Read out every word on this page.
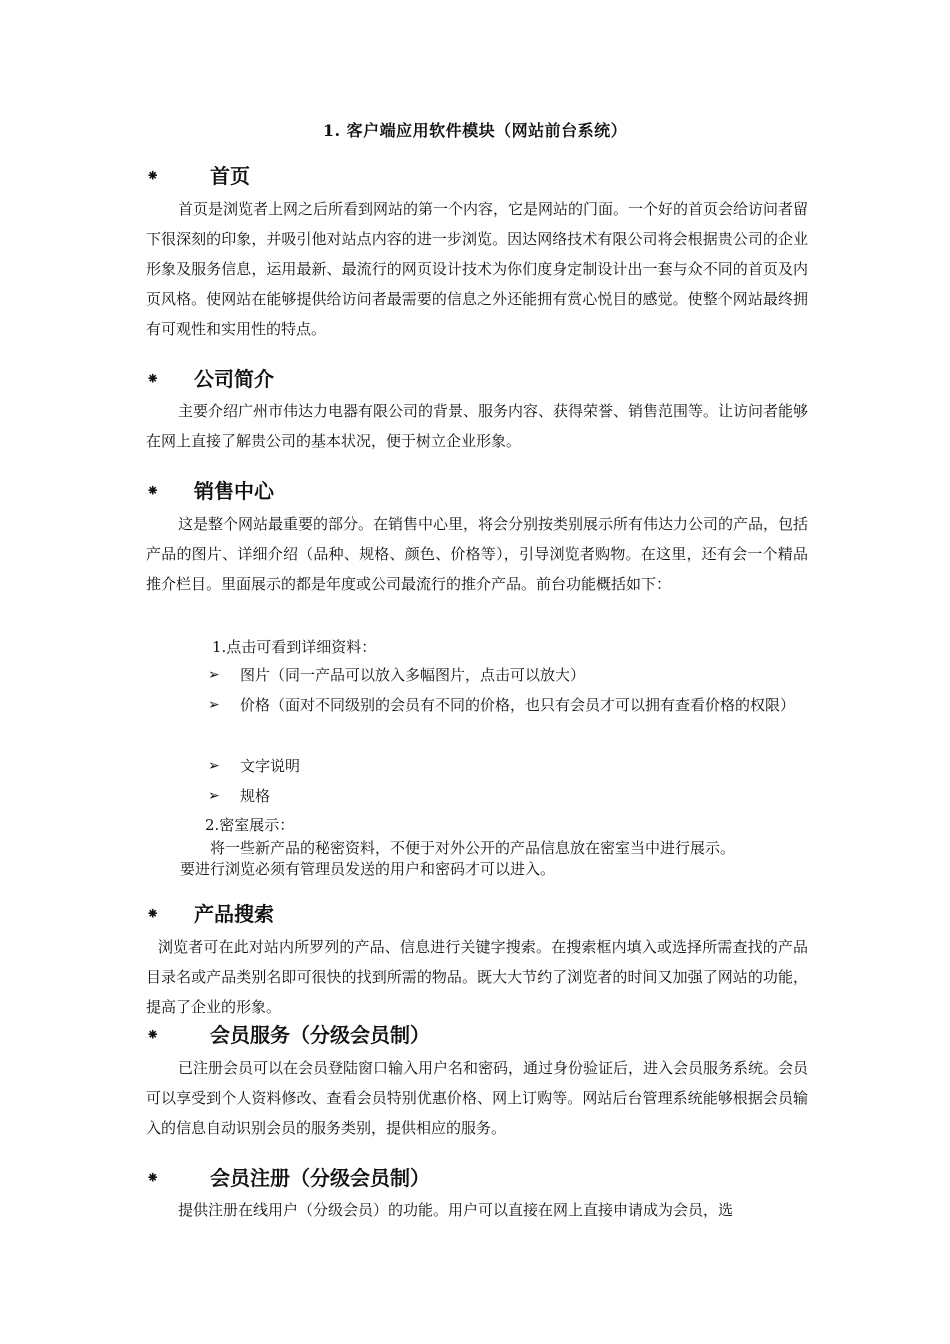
1. 客户端应用软件模块（网站前台系统）
⁕	首页
首页是浏览者上网之后所看到网站的第一个内容，它是网站的门面。一个好的首页会给访问者留下很深刻的印象，并吸引他对站点内容的进一步浏览。因达网络技术有限公司将会根据贵公司的企业形象及服务信息，运用最新、最流行的网页设计技术为你们度身定制设计出一套与众不同的首页及内页风格。使网站在能够提供给访问者最需要的信息之外还能拥有赏心悦目的感觉。使整个网站最终拥有可观性和实用性的特点。
⁕ 公司简介
主要介绍广州市伟达力电器有限公司的背景、服务内容、获得荣誉、销售范围等。让访问者能够在网上直接了解贵公司的基本状况，便于树立企业形象。
⁕ 销售中心
这是整个网站最重要的部分。在销售中心里，将会分别按类别展示所有伟达力公司的产品，包括产品的图片、详细介绍（品种、规格、颜色、价格等），引导浏览者购物。在这里，还有会一个精品推介栏目。里面展示的都是年度或公司最流行的推介产品。前台功能概括如下：
1.点击可看到详细资料：
➢ 图片（同一产品可以放入多幅图片，点击可以放大）
➢ 价格（面对不同级别的会员有不同的价格，也只有会员才可以拥有查看价格的权限）
➢ 文字说明
➢ 规格
2.密室展示：
将一些新产品的秘密资料，不便于对外公开的产品信息放在密室当中进行展示。
要进行浏览必须有管理员发送的用户和密码才可以进入。
⁕ 产品搜索
浏览者可在此对站内所罗列的产品、信息进行关键字搜索。在搜索框内填入或选择所需查找的产品目录名或产品类别名即可很快的找到所需的物品。既大大节约了浏览者的时间又加强了网站的功能，提高了企业的形象。
⁕	会员服务（分级会员制）
已注册会员可以在会员登陆窗口输入用户名和密码，通过身份验证后，进入会员服务系统。会员可以享受到个人资料修改、查看会员特别优惠价格、网上订购等。网站后台管理系统能够根据会员输入的信息自动识别会员的服务类别，提供相应的服务。
⁕	会员注册（分级会员制）
提供注册在线用户（分级会员）的功能。用户可以直接在网上直接申请成为会员，选
